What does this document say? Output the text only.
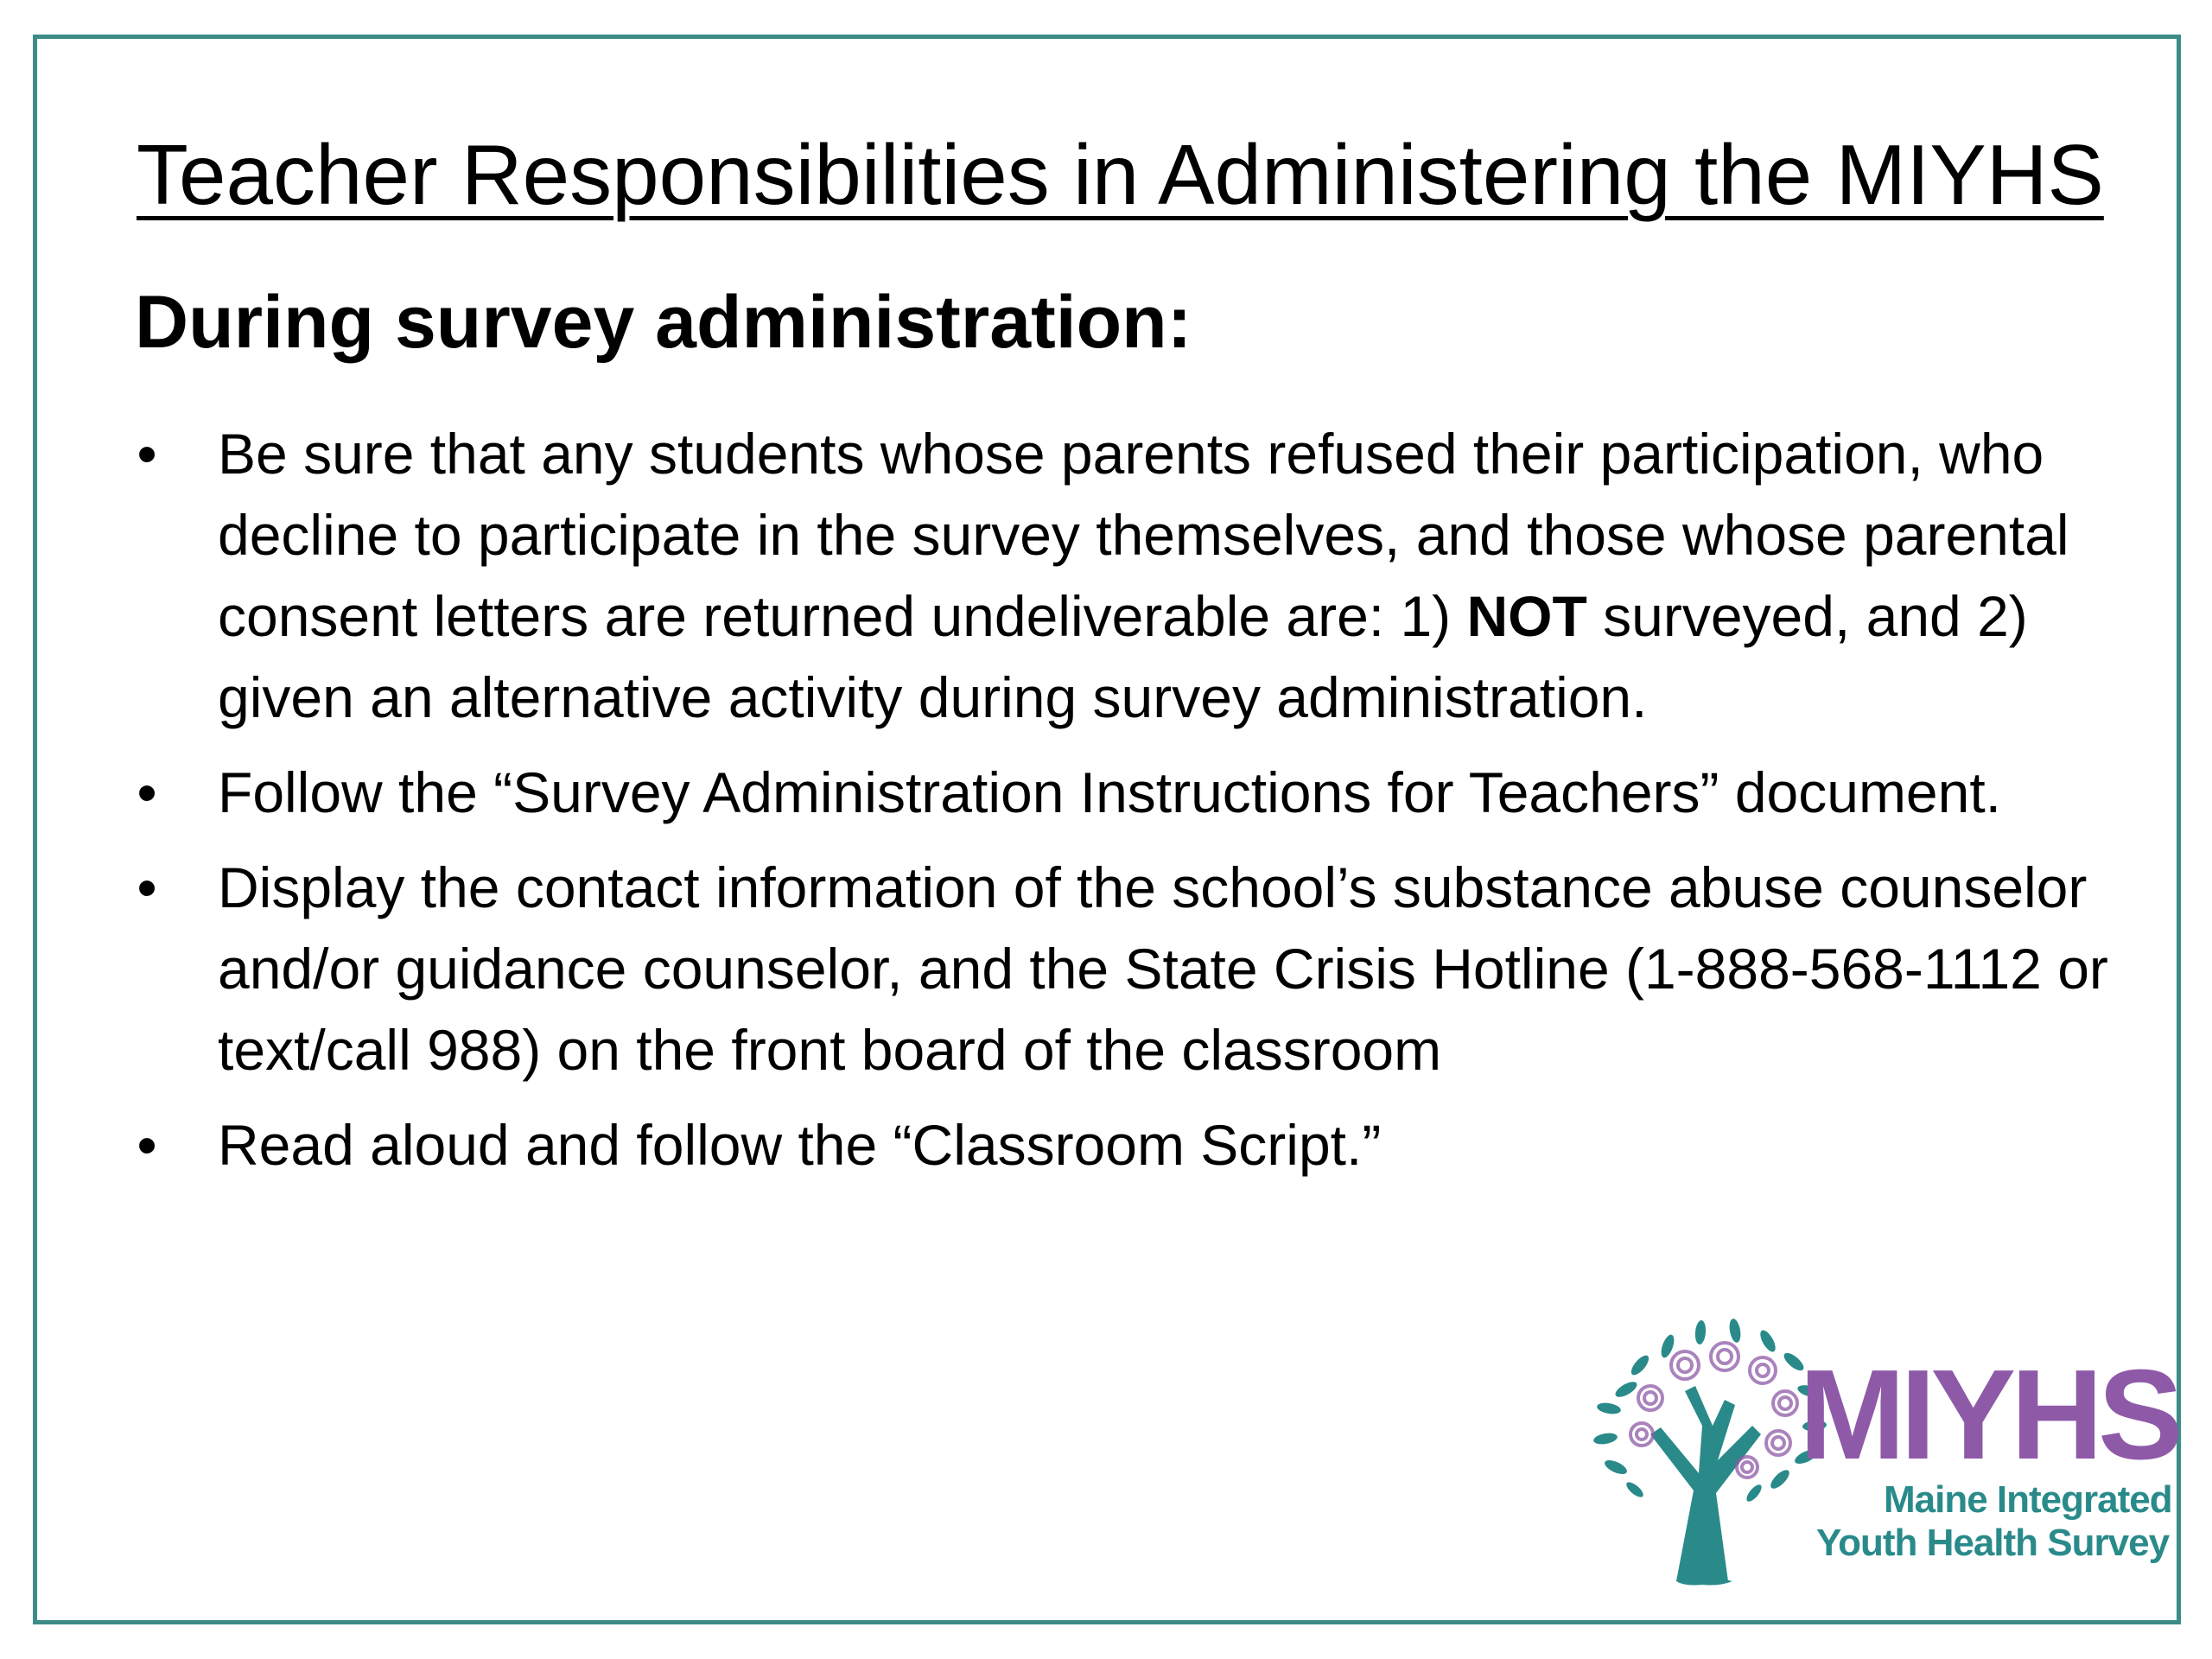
Teacher Responsibilities in Administering the MIYHS
During survey administration:
• Be sure that any students whose parents refused their participation, who decline to participate in the survey themselves, and those whose parental consent letters are returned undeliverable are: 1) NOT surveyed, and 2) given an alternative activity during survey administration.
• Follow the “Survey Administration Instructions for Teachers” document.
• Display the contact information of the school’s substance abuse counselor and/or guidance counselor, and the State Crisis Hotline (1-888-568-1112 or text/call 988) on the front board of the classroom
• Read aloud and follow the “Classroom Script.”
MIYHS
Maine Integrated
Youth Health Survey
